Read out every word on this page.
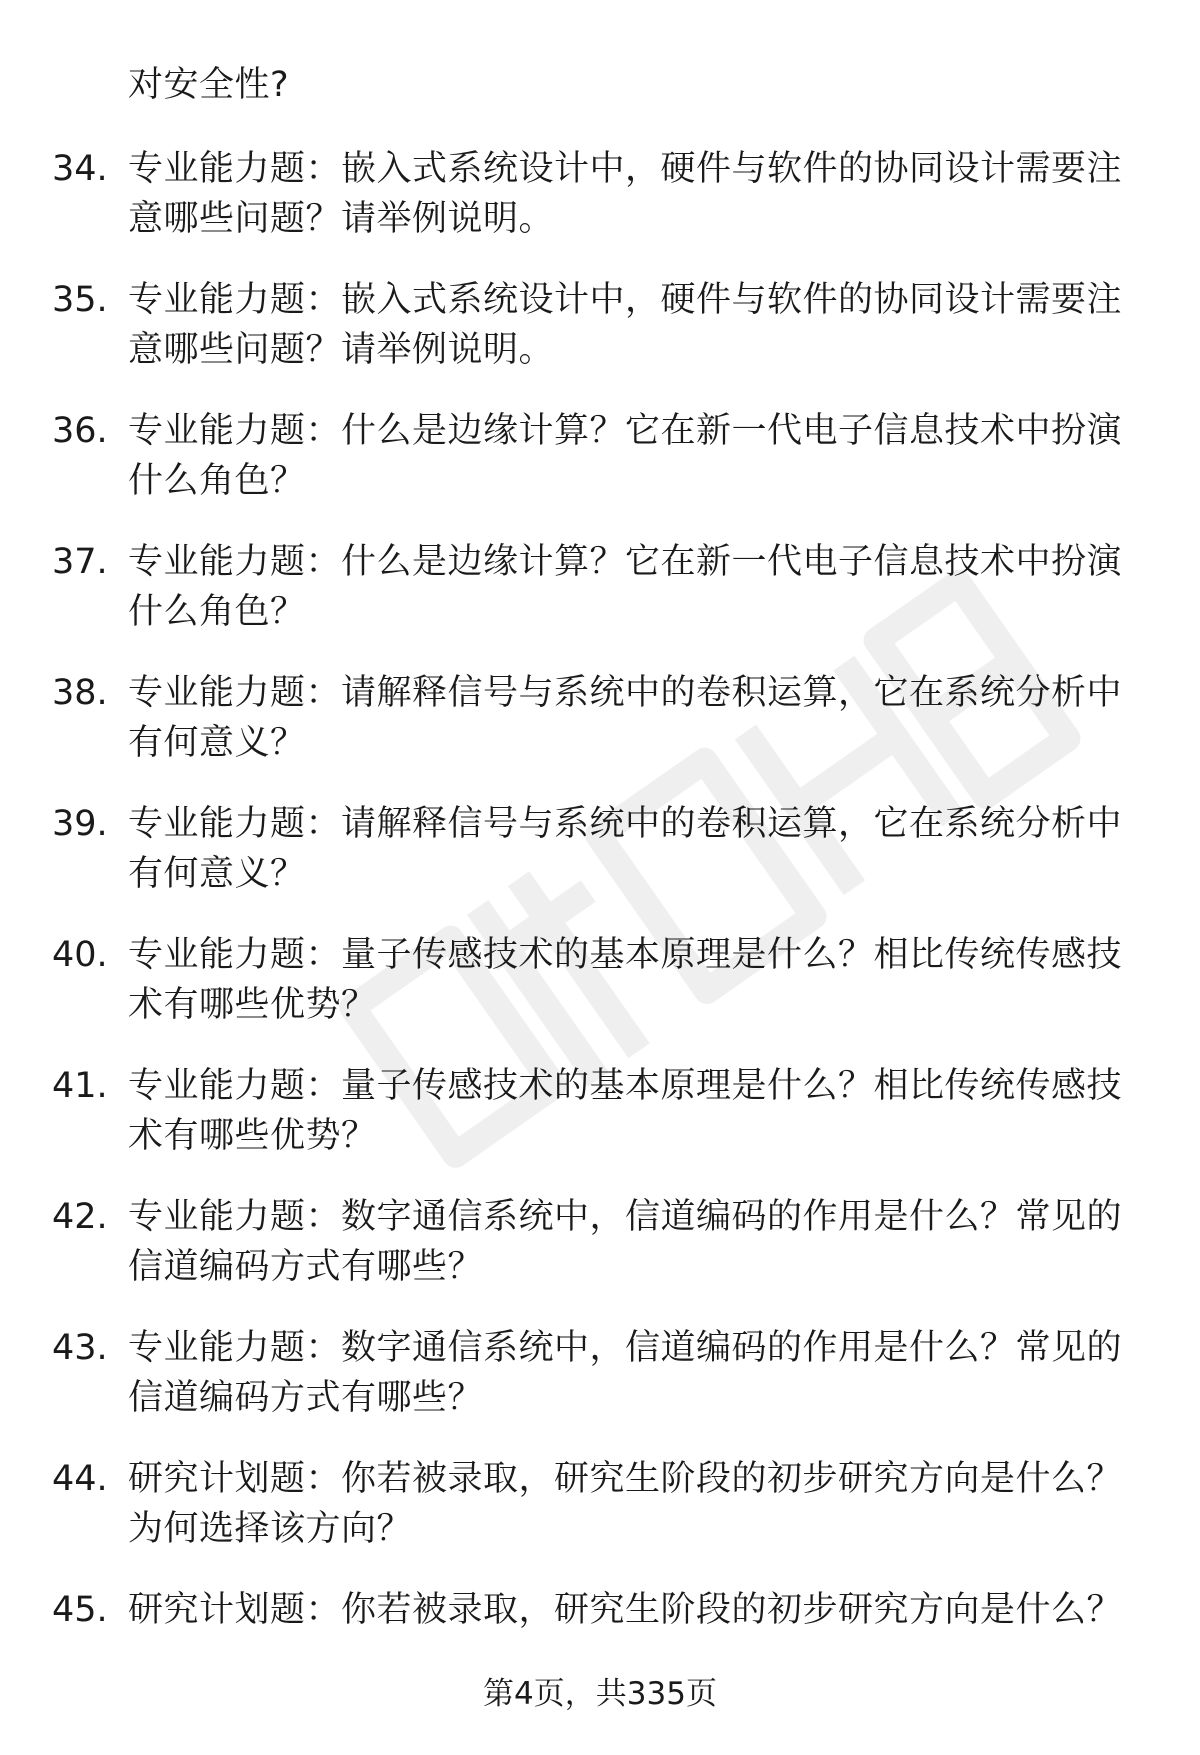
对安全性?
34. 专业能力题：嵌入式系统设计中，硬件与软件的协同设计需要注
意哪些问题？请举例说明。
35. 专业能力题：嵌入式系统设计中，硬件与软件的协同设计需要注
意哪些问题？请举例说明。
36. 专业能力题：什么是边缘计算？它在新一代电子信息技术中扮演
什么角色？
37. 专业能力题：什么是边缘计算？它在新一代电子信息技术中扮演
什么角色？
38. 专业能力题：请解释信号与系统中的卷积运算，它在系统分析中
有何意义？
39. 专业能力题：请解释信号与系统中的卷积运算，它在系统分析中
有何意义？
40. 专业能力题：量子传感技术的基本原理是什么？相比传统传感技
术有哪些优势？
41. 专业能力题：量子传感技术的基本原理是什么？相比传统传感技
术有哪些优势？
42. 专业能力题：数字通信系统中，信道编码的作用是什么？常见的
信道编码方式有哪些？
43. 专业能力题：数字通信系统中，信道编码的作用是什么？常见的
信道编码方式有哪些？
44. 研究计划题：你若被录取，研究生阶段的初步研究方向是什么？
为何选择该方向？
45. 研究计划题：你若被录取，研究生阶段的初步研究方向是什么？
第4页，共335页
